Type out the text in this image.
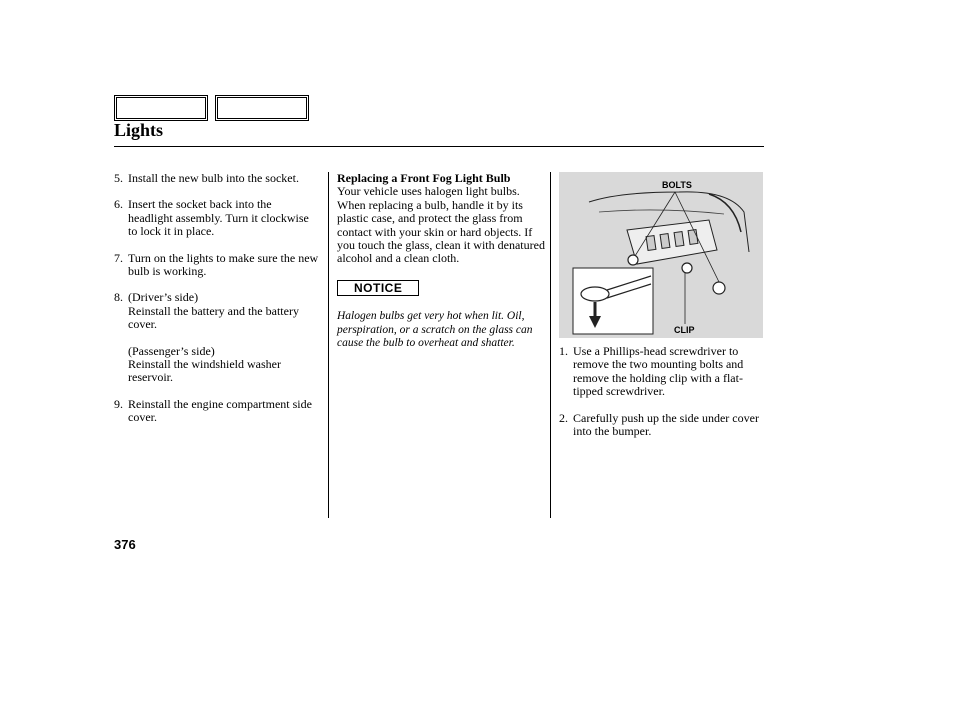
Lights
5. Install the new bulb into the socket.
6. Insert the socket back into the headlight assembly. Turn it clockwise to lock it in place.
7. Turn on the lights to make sure the new bulb is working.
8. (Driver’s side)
Reinstall the battery and the battery cover.
(Passenger’s side)
Reinstall the windshield washer reservoir.
9. Reinstall the engine compartment side cover.
Replacing a Front Fog Light Bulb
Your vehicle uses halogen light bulbs. When replacing a bulb, handle it by its plastic case, and protect the glass from contact with your skin or hard objects. If you touch the glass, clean it with denatured alcohol and a clean cloth.
NOTICE
Halogen bulbs get very hot when lit. Oil, perspiration, or a scratch on the glass can cause the bulb to overheat and shatter.
BOLTS
CLIP
1. Use a Phillips-head screwdriver to remove the two mounting bolts and remove the holding clip with a flat-tipped screwdriver.
2. Carefully push up the side under cover into the bumper.
376
